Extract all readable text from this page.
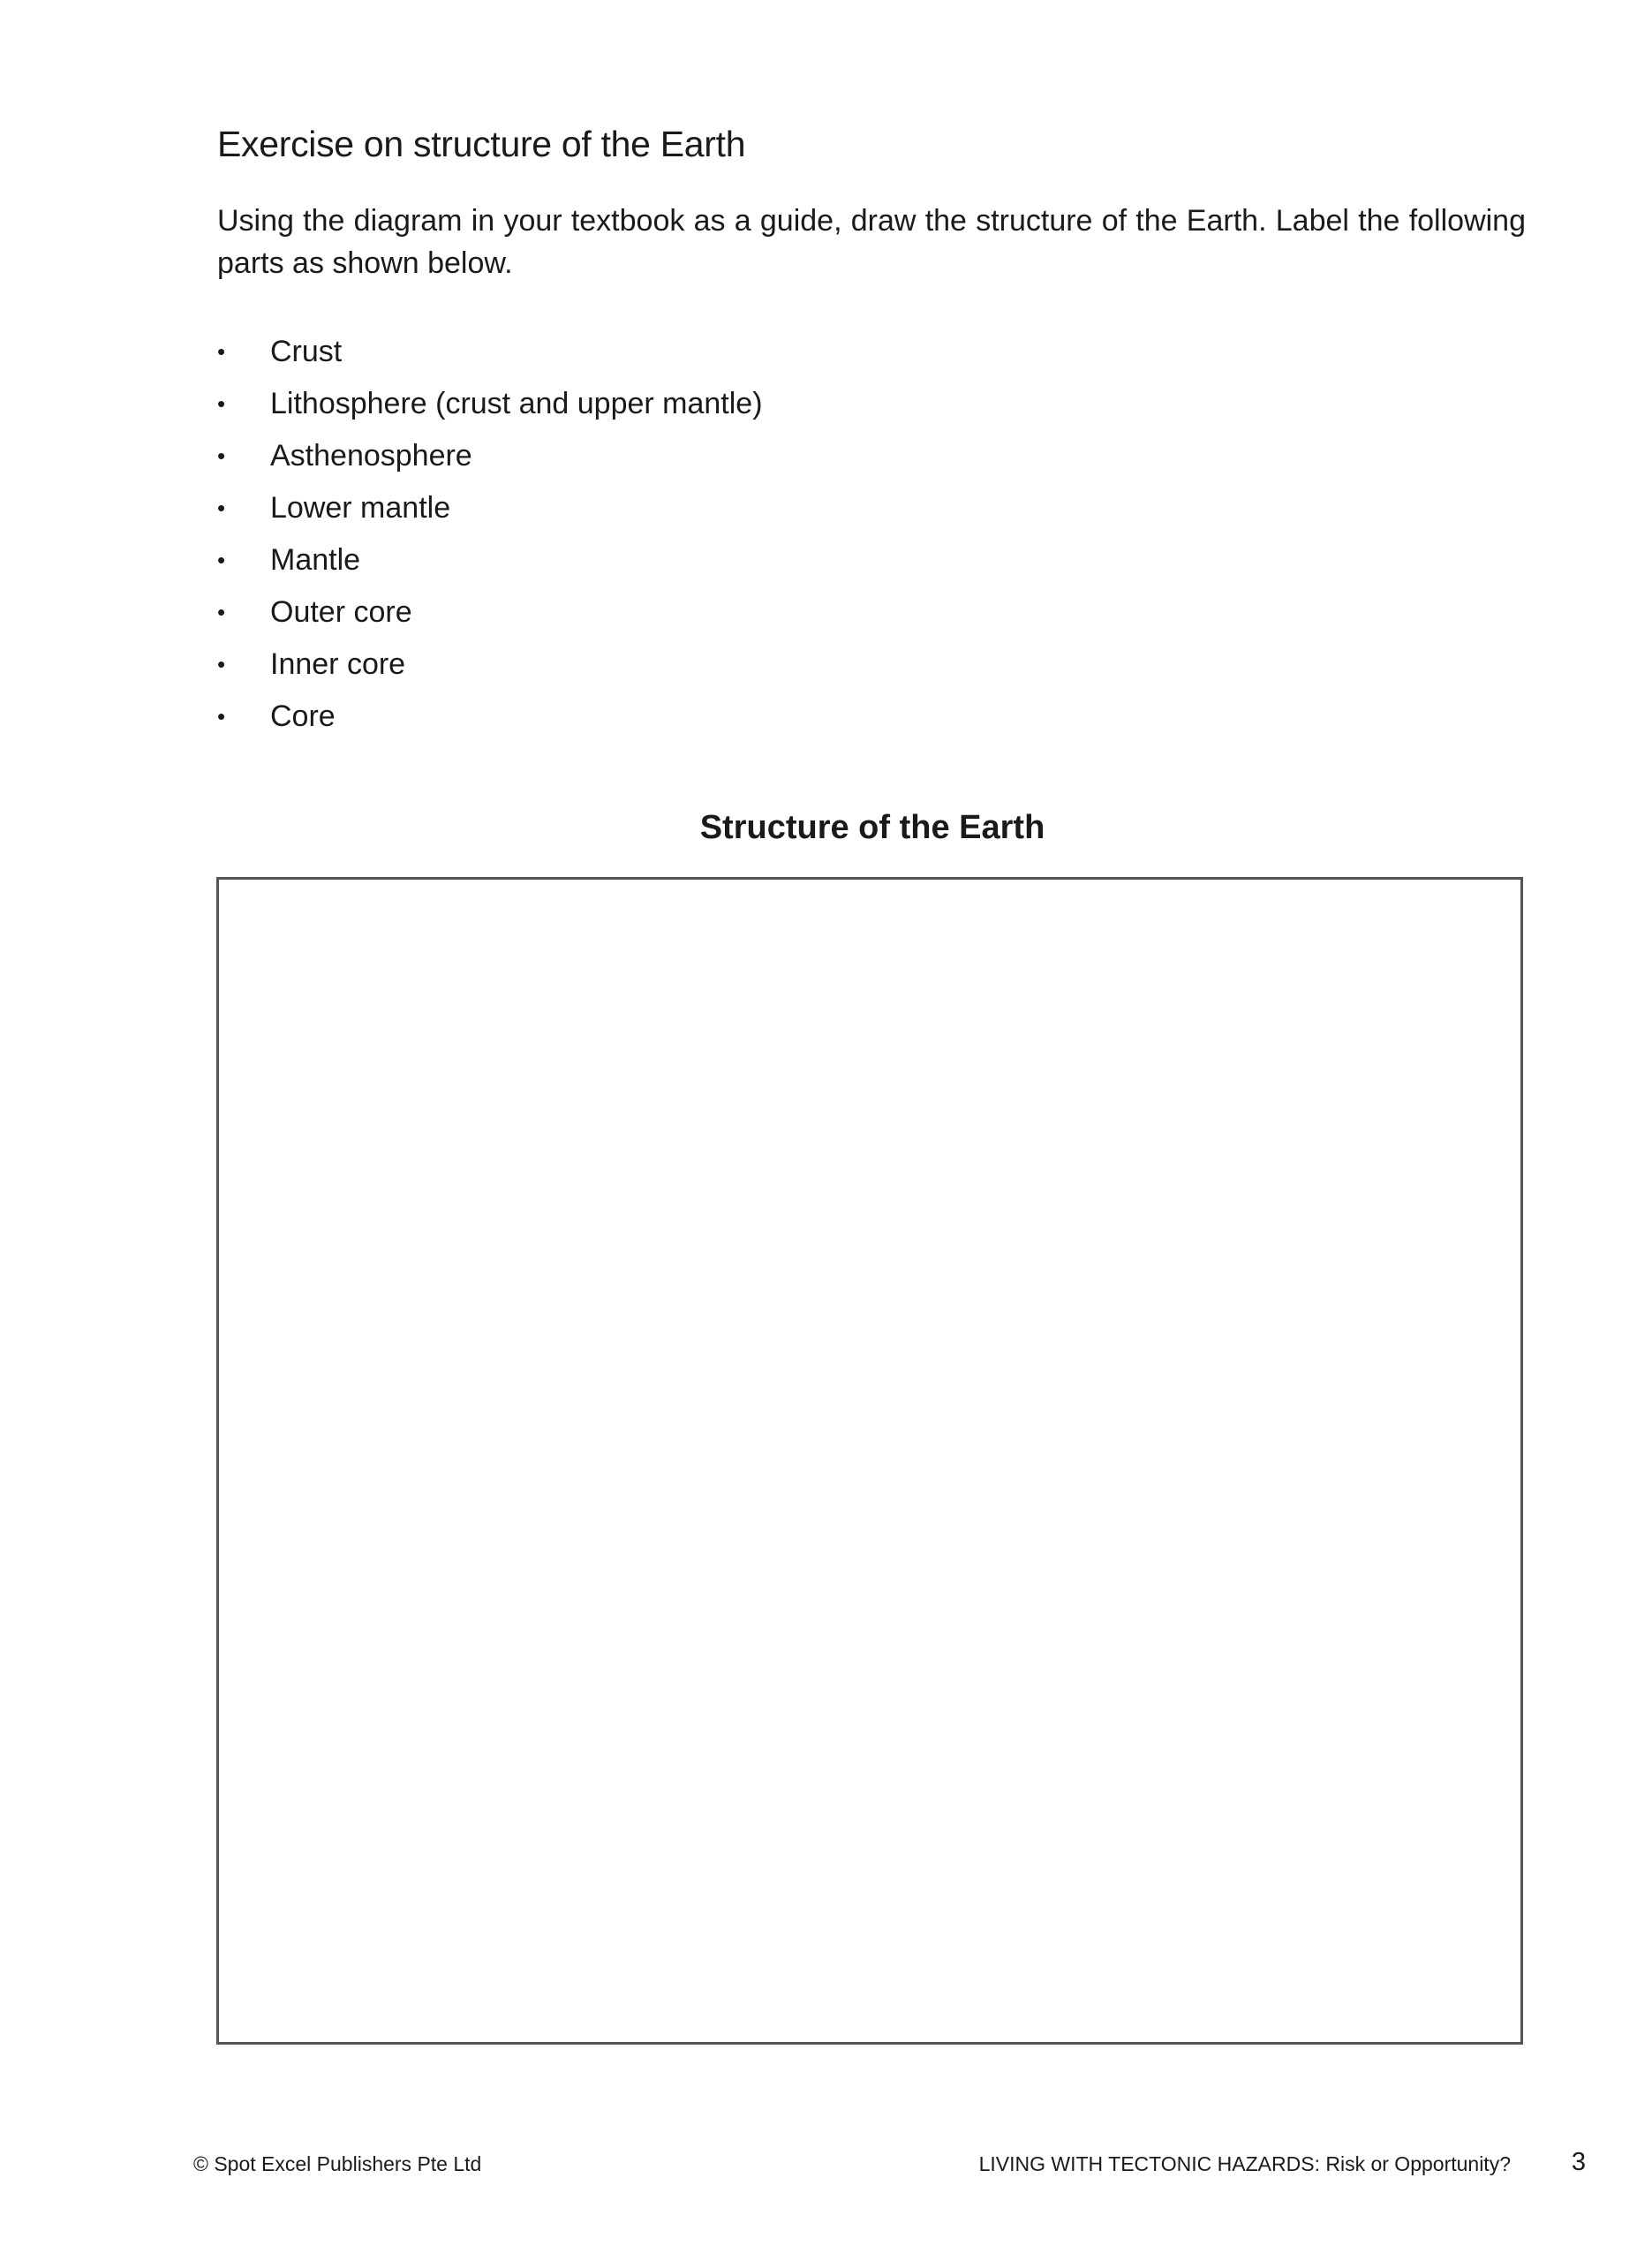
Exercise on structure of the Earth

Using the diagram in your textbook as a guide, draw the structure of the Earth. Label the following parts as shown below.

• Crust
• Lithosphere (crust and upper mantle)
• Asthenosphere
• Lower mantle
• Mantle
• Outer core
• Inner core
• Core
Structure of the Earth
© Spot Excel Publishers Pte Ltd	LIVING WITH TECTONIC HAZARDS: Risk or Opportunity? 3
